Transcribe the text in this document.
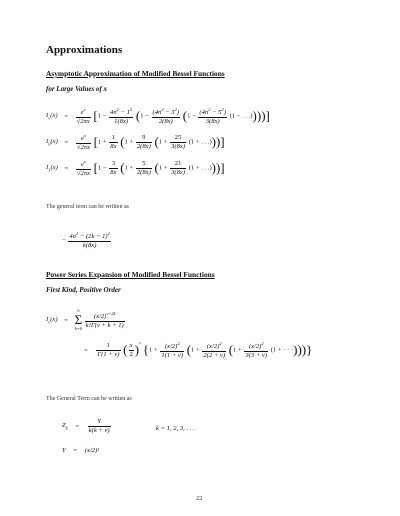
Approximations
Asymptotic Approximation of Modified Bessel Functions
for Large Values of x
$I_\nu(x) = \frac{e^x}{√2\pi x} [1 - \frac{4n^2 - 1^2}{1(8x)} (1 - \frac{(4n^2 - 3^2)}{2(8x)} (1 - \frac{(4n^2 - 5^2)}{3(8x)} (1$ − . . .))))]
$I_0(x) = \frac{e^x}{√2\pi x} [1 + \frac{1}{8x} (1 + \frac{9}{2(8x)} (1 + \frac{25}{3(8x)} (1$ + . . .)))]
$I_1(x) = \frac{e^x}{√2\pi x} [1 - \frac{3}{8x} (1 + \frac{5}{2(8x)} (1 + \frac{21}{3(8x)} (1$ + . . .)))]
The general term can be written as
− $\frac{4n^2 - (2k - 1)^2}{k(8x)}$
Power Series Expansion of Modified Bessel Functions
First Kind, Positive Order
$I_\nu(x)$ =
∞
Σ
k=0
$\frac{(x/2)^{\nu+2k}}{k!\Gamma(\nu + k + 1)}$
= $\frac{1}{\Gamma(1 + \nu)}$ ( $\frac{x}{2} )^\nu$ {$1 + \frac{(x/2)^2}{1(1 + \nu)} (1 + \frac{(x/2)^2}{2(2 + \nu)} (1 + \frac{(x/2)^2}{3(3 + \nu)} (1$ + · · ·)))}
The General Term can be written as
$Z_k = \frac{Y}{k(k + \nu)}$	k = 1, 2, 3, . . .
Y = (x/2)²
22
